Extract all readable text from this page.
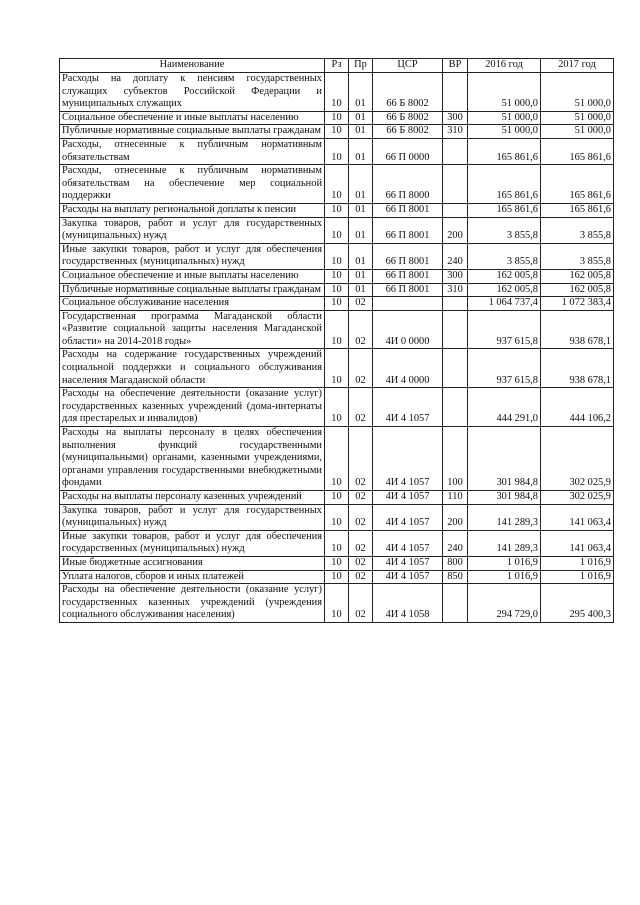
Наименование	Рз	Пр	ЦСР	ВР	2016 год	2017 год
Расходы на доплату к пенсиям государственных служащих субъектов Российской Федерации и муниципальных служащих	10	01	66 Б 8002		51 000,0	51 000,0
Социальное обеспечение и иные выплаты населению	10	01	66 Б 8002	300	51 000,0	51 000,0
Публичные нормативные социальные выплаты гражданам	10	01	66 Б 8002	310	51 000,0	51 000,0
Расходы, отнесенные к публичным нормативным обязательствам	10	01	66 П 0000		165 861,6	165 861,6
Расходы, отнесенные к публичным нормативным обязательствам на обеспечение мер социальной поддержки	10	01	66 П 8000		165 861,6	165 861,6
Расходы на выплату региональной доплаты к пенсии	10	01	66 П 8001		165 861,6	165 861,6
Закупка товаров, работ и услуг для государственных (муниципальных) нужд	10	01	66 П 8001	200	3 855,8	3 855,8
Иные закупки товаров, работ и услуг для обеспечения государственных (муниципальных) нужд	10	01	66 П 8001	240	3 855,8	3 855,8
Социальное обеспечение и иные выплаты населению	10	01	66 П 8001	300	162 005,8	162 005,8
Публичные нормативные социальные выплаты гражданам	10	01	66 П 8001	310	162 005,8	162 005,8
Социальное обслуживание населения	10	02			1 064 737,4	1 072 383,4
Государственная программа Магаданской области «Развитие социальной защиты населения Магаданской области» на 2014-2018 годы»	10	02	4И 0 0000		937 615,8	938 678,1
Расходы на содержание государственных учреждений социальной поддержки и социального обслуживания населения Магаданской области	10	02	4И 4 0000		937 615,8	938 678,1
Расходы на обеспечение деятельности (оказание услуг) государственных казенных учреждений (дома-интернаты для престарелых и инвалидов)	10	02	4И 4 1057		444 291,0	444 106,2
Расходы на выплаты персоналу в целях обеспечения выполнения функций государственными (муниципальными) органами, казенными учреждениями, органами управления государственными внебюджетными фондами	10	02	4И 4 1057	100	301 984,8	302 025,9
Расходы на выплаты персоналу казенных учреждений	10	02	4И 4 1057	110	301 984,8	302 025,9
Закупка товаров, работ и услуг для государственных (муниципальных) нужд	10	02	4И 4 1057	200	141 289,3	141 063,4
Иные закупки товаров, работ и услуг для обеспечения государственных (муниципальных) нужд	10	02	4И 4 1057	240	141 289,3	141 063,4
Иные бюджетные ассигнования	10	02	4И 4 1057	800	1 016,9	1 016,9
Уплата налогов, сборов и иных платежей	10	02	4И 4 1057	850	1 016,9	1 016,9
Расходы на обеспечение деятельности (оказание услуг) государственных казенных учреждений (учреждения социального обслуживания населения)	10	02	4И 4 1058		294 729,0	295 400,3
